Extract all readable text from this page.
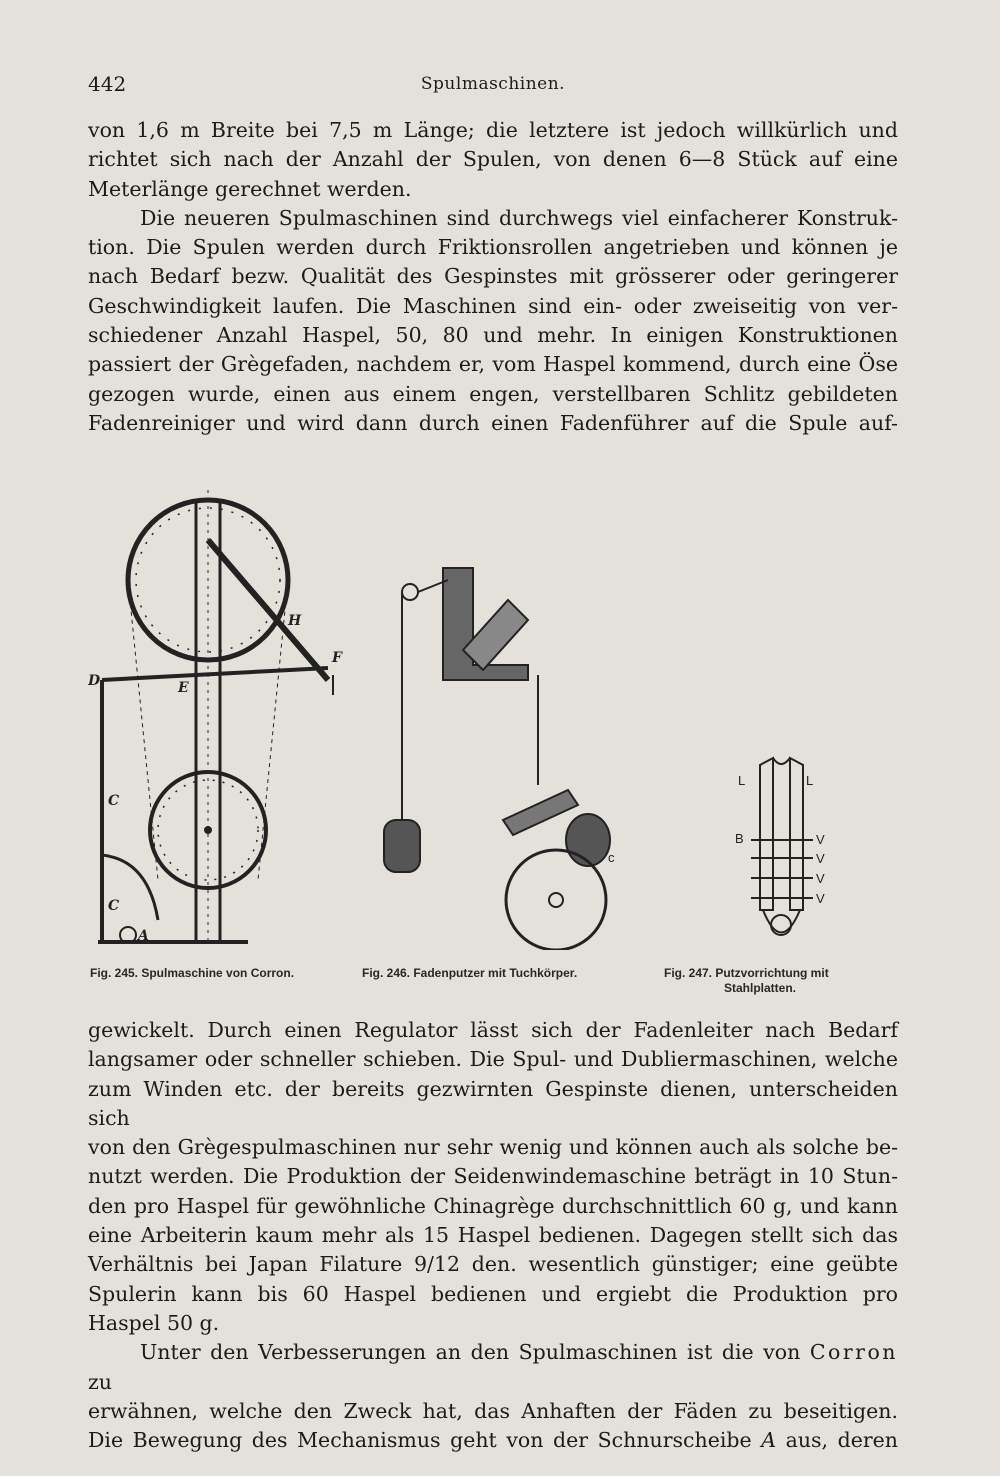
442	Spulmaschinen.

von 1,6 m Breite bei 7,5 m Länge; die letztere ist jedoch willkürlich und

richtet sich nach der Anzahl der Spulen, von denen 6—8 Stück auf eine

Meterlänge gerechnet werden.

Die neueren Spulmaschinen sind durchwegs viel einfacherer Konstruk-

tion. Die Spulen werden durch Friktionsrollen angetrieben und können je

nach Bedarf bezw. Qualität des Gespinstes mit grösserer oder geringerer

Geschwindigkeit laufen. Die Maschinen sind ein- oder zweiseitig von ver-

schiedener Anzahl Haspel, 50, 80 und mehr. In einigen Konstruktionen

passiert der Grègefaden, nachdem er, vom Haspel kommend, durch eine Öse

gezogen wurde, einen aus einem engen, verstellbaren Schlitz gebildeten

Fadenreiniger und wird dann durch einen Fadenführer auf die Spule auf-

D	E
F
H
C
C
A
c
L	L
B	V
V
V
V
Fig. 245. Spulmaschine von Corron.	Fig. 246. Fadenputzer mit Tuchkörper.	Fig. 247. Putzvorrichtung mit
Stahlplatten.

gewickelt. Durch einen Regulator lässt sich der Fadenleiter nach Bedarf

langsamer oder schneller schieben. Die Spul- und Dubliermaschinen, welche

zum Winden etc. der bereits gezwirnten Gespinste dienen, unterscheiden sich

von den Grègespulmaschinen nur sehr wenig und können auch als solche be-

nutzt werden. Die Produktion der Seidenwindemaschine beträgt in 10 Stun-

den pro Haspel für gewöhnliche Chinagrège durchschnittlich 60 g, und kann

eine Arbeiterin kaum mehr als 15 Haspel bedienen. Dagegen stellt sich das

Verhältnis bei Japan Filature 9/12 den. wesentlich günstiger; eine geübte

Spulerin kann bis 60 Haspel bedienen und ergiebt die Produktion pro

Haspel 50 g.

Unter den Verbesserungen an den Spulmaschinen ist die von Corron zu

erwähnen, welche den Zweck hat, das Anhaften der Fäden zu beseitigen.

Die Bewegung des Mechanismus geht von der Schnurscheibe A aus, deren
